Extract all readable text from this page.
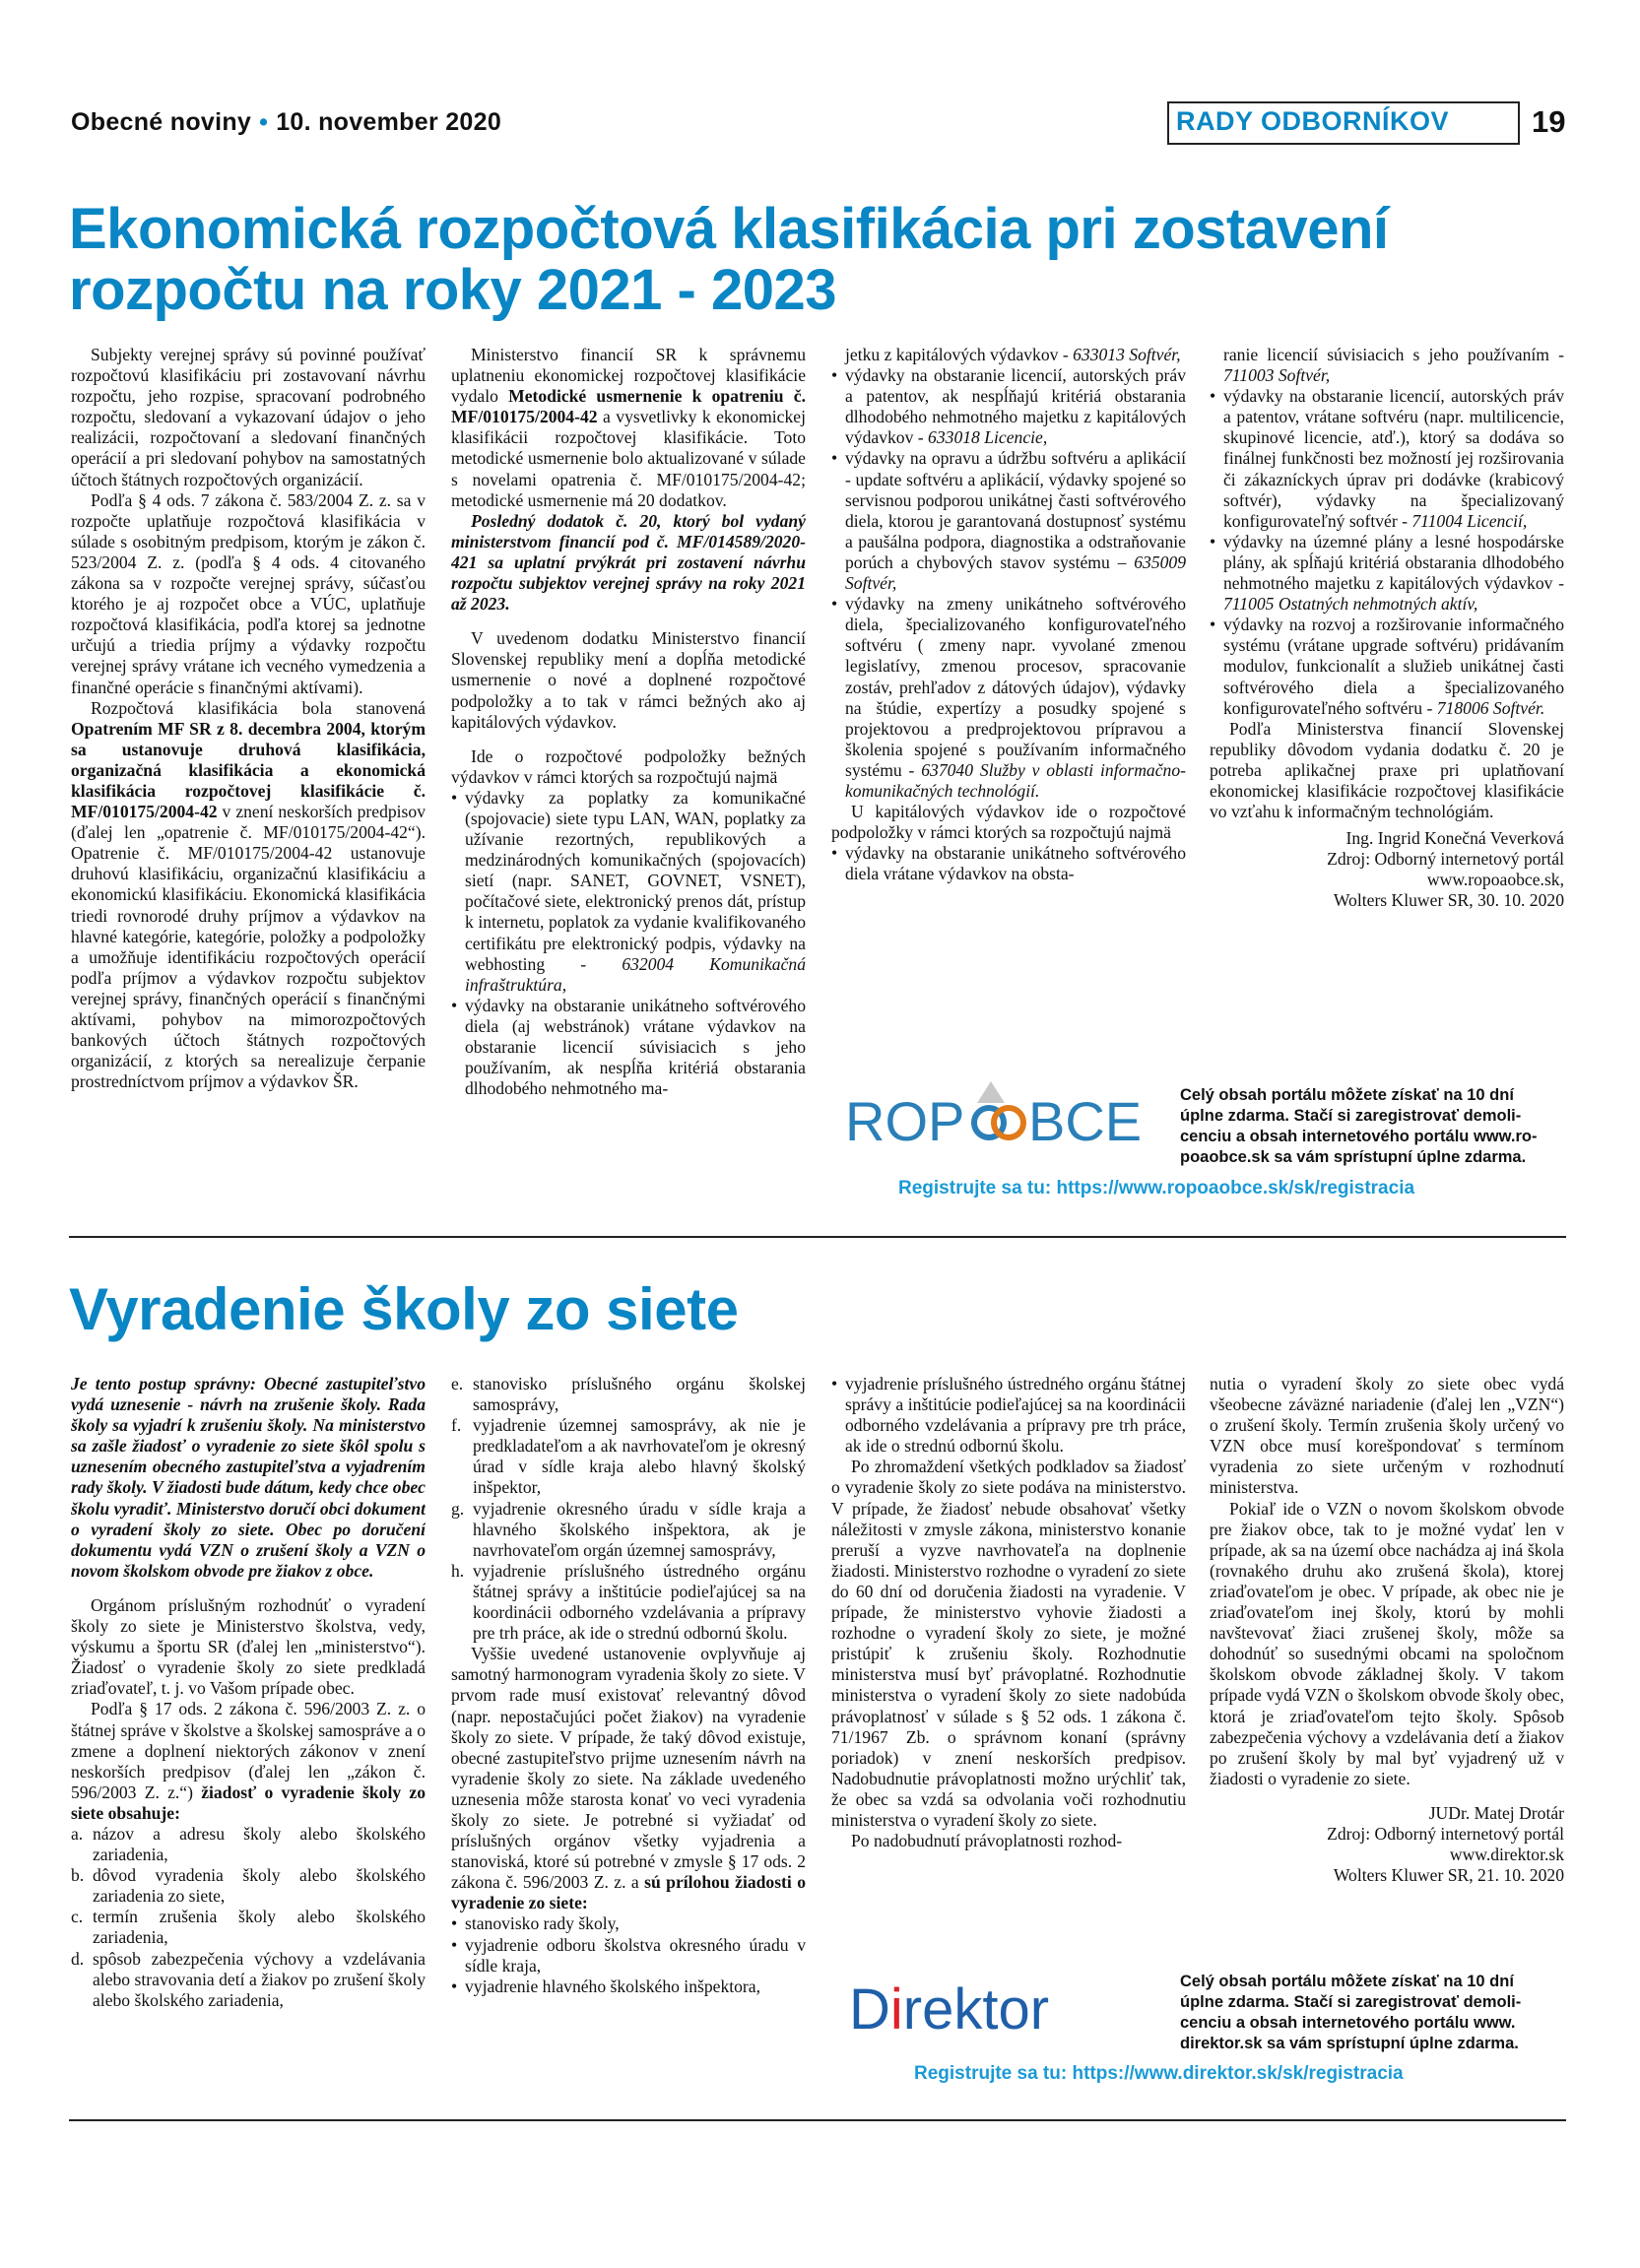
Obecné noviny • 10. november 2020	RADY ODBORNÍKOV	19
Ekonomická rozpočtová klasifikácia pri zostavení rozpočtu na roky 2021 - 2023

Subjekty verejnej správy sú povinné používať rozpočtovú klasifikáciu pri zostavovaní návrhu rozpočtu, jeho rozpise, spracovaní podrobného rozpočtu, sledovaní a vykazovaní údajov o jeho realizácii, rozpočtovaní a sledovaní finančných operácií a pri sledovaní pohybov na samostatných účtoch štátnych rozpočtových organizácií.

Podľa § 4 ods. 7 zákona č. 583/2004 Z. z. sa v rozpočte uplatňuje rozpočtová klasifikácia v súlade s osobitným predpisom, ktorým je zákon č. 523/2004 Z. z. (podľa § 4 ods. 4 citovaného zákona sa v rozpočte verejnej správy, súčasťou ktorého je aj rozpočet obce a VÚC, uplatňuje rozpočtová klasifikácia, podľa ktorej sa jednotne určujú a triedia príjmy a výdavky rozpočtu verejnej správy vrátane ich vecného vymedzenia a finančné operácie s finančnými aktívami).

Rozpočtová klasifikácia bola stanovená Opatrením MF SR z 8. decembra 2004, ktorým sa ustanovuje druhová klasifikácia, organizačná klasifikácia a ekonomická klasifikácia rozpočtovej klasifikácie č. MF/010175/2004-42 v znení neskorších predpisov (ďalej len „opatrenie č. MF/010175/2004-42“). Opatrenie č. MF/010175/2004-42 ustanovuje druhovú klasifikáciu, organizačnú klasifikáciu a ekonomickú klasifikáciu. Ekonomická klasifikácia triedi rovnorodé druhy príjmov a výdavkov na hlavné kategórie, kategórie, položky a podpoložky a umožňuje identifikáciu rozpočtových operácií podľa príjmov a výdavkov rozpočtu subjektov verejnej správy, finančných operácií s finančnými aktívami, pohybov na mimorozpočtových bankových účtoch štátnych rozpočtových organizácií, z ktorých sa nerealizuje čerpanie prostredníctvom príjmov a výdavkov ŠR.

Ministerstvo financií SR k správnemu uplatneniu ekonomickej rozpočtovej klasifikácie vydalo Metodické usmernenie k opatreniu č. MF/010175/2004-42 a vysvetlivky k ekonomickej klasifikácii rozpočtovej klasifikácie. Toto metodické usmernenie bolo aktualizované v súlade s novelami opatrenia č. MF/010175/2004-42; metodické usmernenie má 20 dodatkov.

Posledný dodatok č. 20, ktorý bol vydaný ministerstvom financií pod č. MF/014589/2020-421 sa uplatní prvýkrát pri zostavení návrhu rozpočtu subjektov verejnej správy na roky 2021 až 2023.

V uvedenom dodatku Ministerstvo financií Slovenskej republiky mení a dopĺňa metodické usmernenie o nové a doplnené rozpočtové podpoložky a to tak v rámci bežných ako aj kapitálových výdavkov.

Ide o rozpočtové podpoložky bežných výdavkov v rámci ktorých sa rozpočtujú najmä

• výdavky za poplatky za komunikačné (spojovacie) siete typu LAN, WAN, poplatky za užívanie rezortných, republikových a medzinárodných komunikačných (spojovacích) sietí (napr. SANET, GOVNET, VSNET), počítačové siete, elektronický prenos dát, prístup k internetu, poplatok za vydanie kvalifikovaného certifikátu pre elektronický podpis, výdavky na webhosting - 632004 Komunikačná infraštruktúra,
• výdavky na obstaranie unikátneho softvérového diela (aj webstránok) vrátane výdavkov na obstaranie licencií súvisiacich s jeho používaním, ak nespĺňa kritériá obstarania dlhodobého nehmotného ma-

jetku z kapitálových výdavkov - 633013 Softvér,

• výdavky na obstaranie licencií, autorských práv a patentov, ak nespĺňajú kritériá obstarania dlhodobého nehmotného majetku z kapitálových výdavkov - 633018 Licencie,
• výdavky na opravu a údržbu softvéru a aplikácií - update softvéru a aplikácií, výdavky spojené so servisnou podporou unikátnej časti softvérového diela, ktorou je garantovaná dostupnosť systému a paušálna podpora, diagnostika a odstraňovanie porúch a chybových stavov systému – 635009 Softvér,
• výdavky na zmeny unikátneho softvérového diela, špecializovaného konfigurovateľného softvéru ( zmeny napr. vyvolané zmenou legislatívy, zmenou procesov, spracovanie zostáv, prehľadov z dátových údajov), výdavky na štúdie, expertízy a posudky spojené s projektovou a predprojektovou prípravou a školenia spojené s používaním informačného systému - 637040 Služby v oblasti informačno-komunikačných technológií.

U kapitálových výdavkov ide o rozpočtové podpoložky v rámci ktorých sa rozpočtujú najmä

• výdavky na obstaranie unikátneho softvérového diela vrátane výdavkov na obsta-

ranie licencií súvisiacich s jeho používaním - 711003 Softvér,

• výdavky na obstaranie licencií, autorských práv a patentov, vrátane softvéru (napr. multilicencie, skupinové licencie, atď.), ktorý sa dodáva so finálnej funkčnosti bez možností jej rozširovania či zákazníckych úprav pri dodávke (krabicový softvér), výdavky na špecializovaný konfigurovateľný softvér - 711004 Licencií,
• výdavky na územné plány a lesné hospodárske plány, ak spĺňajú kritériá obstarania dlhodobého nehmotného majetku z kapitálových výdavkov - 711005 Ostatných nehmotných aktív,
• výdavky na rozvoj a rozširovanie informačného systému (vrátane upgrade softvéru) pridávaním modulov, funkcionalít a služieb unikátnej časti softvérového diela a špecializovaného konfigurovateľného softvéru - 718006 Softvér.

Podľa Ministerstva financií Slovenskej republiky dôvodom vydania dodatku č. 20 je potreba aplikačnej praxe pri uplatňovaní ekonomickej klasifikácie rozpočtovej klasifikácie vo vzťahu k informačným technológiám.

Ing. Ingrid Konečná Veverková

Zdroj: Odborný internetový portál

www.ropoaobce.sk,

Wolters Kluwer SR, 30. 10. 2020

ROP BCE Celý obsah portálu môžete získať na 10 dní
úplne zdarma. Stačí si zaregistrovať demoli-
cenciu a obsah internetového portálu www.ro-
poaobce.sk sa vám sprístupní úplne zdarma.
Registrujte sa tu: https://www.ropoaobce.sk/sk/registracia
Vyradenie školy zo siete

Je tento postup správny: Obecné zastupiteľstvo vydá uznesenie - návrh na zrušenie školy. Rada školy sa vyjadrí k zrušeniu školy. Na ministerstvo sa zašle žiadosť o vyradenie zo siete škôl spolu s uznesením obecného zastupiteľstva a vyjadrením rady školy. V žiadosti bude dátum, kedy chce obec školu vyradiť. Ministerstvo doručí obci dokument o vyradení školy zo siete. Obec po doručení dokumentu vydá VZN o zrušení školy a VZN o novom školskom obvode pre žiakov z obce.

Orgánom príslušným rozhodnúť o vyradení školy zo siete je Ministerstvo školstva, vedy, výskumu a športu SR (ďalej len „ministerstvo“). Žiadosť o vyradenie školy zo siete predkladá zriaďovateľ, t. j. vo Vašom prípade obec.

Podľa § 17 ods. 2 zákona č. 596/2003 Z. z. o štátnej správe v školstve a školskej samospráve a o zmene a doplnení niektorých zákonov v znení neskorších predpisov (ďalej len „zákon č. 596/2003 Z. z.“) žiadosť o vyradenie školy zo siete obsahuje:

a. názov a adresu školy alebo školského zariadenia,

b. dôvod vyradenia školy alebo školského zariadenia zo siete,

c. termín zrušenia školy alebo školského zariadenia,

d. spôsob zabezpečenia výchovy a vzdelávania alebo stravovania detí a žiakov po zrušení školy alebo školského zariadenia,

e. stanovisko príslušného orgánu školskej samosprávy,

f. vyjadrenie územnej samosprávy, ak nie je predkladateľom a ak navrhovateľom je okresný úrad v sídle kraja alebo hlavný školský inšpektor,

g. vyjadrenie okresného úradu v sídle kraja a hlavného školského inšpektora, ak je navrhovateľom orgán územnej samosprávy,

h. vyjadrenie príslušného ústredného orgánu štátnej správy a inštitúcie podieľajúcej sa na koordinácii odborného vzdelávania a prípravy pre trh práce, ak ide o strednú odbornú školu.

Vyššie uvedené ustanovenie ovplyvňuje aj samotný harmonogram vyradenia školy zo siete. V prvom rade musí existovať relevantný dôvod (napr. nepostačujúci počet žiakov) na vyradenie školy zo siete. V prípade, že taký dôvod existuje, obecné zastupiteľstvo prijme uznesením návrh na vyradenie školy zo siete. Na základe uvedeného uznesenia môže starosta konať vo veci vyradenia školy zo siete. Je potrebné si vyžiadať od príslušných orgánov všetky vyjadrenia a stanoviská, ktoré sú potrebné v zmysle § 17 ods. 2 zákona č. 596/2003 Z. z. a sú prílohou žiadosti o vyradenie zo siete:

• stanovisko rady školy,
• vyjadrenie odboru školstva okresného úradu v sídle kraja,
• vyjadrenie hlavného školského inšpektora,
• vyjadrenie príslušného ústredného orgánu štátnej správy a inštitúcie podieľajúcej sa na koordinácii odborného vzdelávania a prípravy pre trh práce, ak ide o strednú odbornú školu.

Po zhromaždení všetkých podkladov sa žiadosť o vyradenie školy zo siete podáva na ministerstvo. V prípade, že žiadosť nebude obsahovať všetky náležitosti v zmysle zákona, ministerstvo konanie preruší a vyzve navrhovateľa na doplnenie žiadosti. Ministerstvo rozhodne o vyradení zo siete do 60 dní od doručenia žiadosti na vyradenie. V prípade, že ministerstvo vyhovie žiadosti a rozhodne o vyradení školy zo siete, je možné pristúpiť k zrušeniu školy. Rozhodnutie ministerstva musí byť právoplatné. Rozhodnutie ministerstva o vyradení školy zo siete nadobúda právoplatnosť v súlade s § 52 ods. 1 zákona č. 71/1967 Zb. o správnom konaní (správny poriadok) v znení neskorších predpisov. Nadobudnutie právoplatnosti možno urýchliť tak, že obec sa vzdá sa odvolania voči rozhodnutiu ministerstva o vyradení školy zo siete.

Po nadobudnutí právoplatnosti rozhod-

nutia o vyradení školy zo siete obec vydá všeobecne záväzné nariadenie (ďalej len „VZN“) o zrušení školy. Termín zrušenia školy určený vo VZN obce musí korešpondovať s termínom vyradenia zo siete určeným v rozhodnutí ministerstva.

Pokiaľ ide o VZN o novom školskom obvode pre žiakov obce, tak to je možné vydať len v prípade, ak sa na území obce nachádza aj iná škola (rovnakého druhu ako zrušená škola), ktorej zriaďovateľom je obec. V prípade, ak obec nie je zriaďovateľom inej školy, ktorú by mohli navštevovať žiaci zrušenej školy, môže sa dohodnúť so susednými obcami na spoločnom školskom obvode základnej školy. V takom prípade vydá VZN o školskom obvode školy obec, ktorá je zriaďovateľom tejto školy. Spôsob zabezpečenia výchovy a vzdelávania detí a žiakov po zrušení školy by mal byť vyjadrený už v žiadosti o vyradenie zo siete.

JUDr. Matej Drotár

Zdroj: Odborný internetový portál

www.direktor.sk

Wolters Kluwer SR, 21. 10. 2020

Direktor	Celý obsah portálu môžete získať na 10 dní
úplne zdarma. Stačí si zaregistrovať demoli-
cenciu a obsah internetového portálu www.
direktor.sk sa vám sprístupní úplne zdarma.
Registrujte sa tu: https://www.direktor.sk/sk/registracia
